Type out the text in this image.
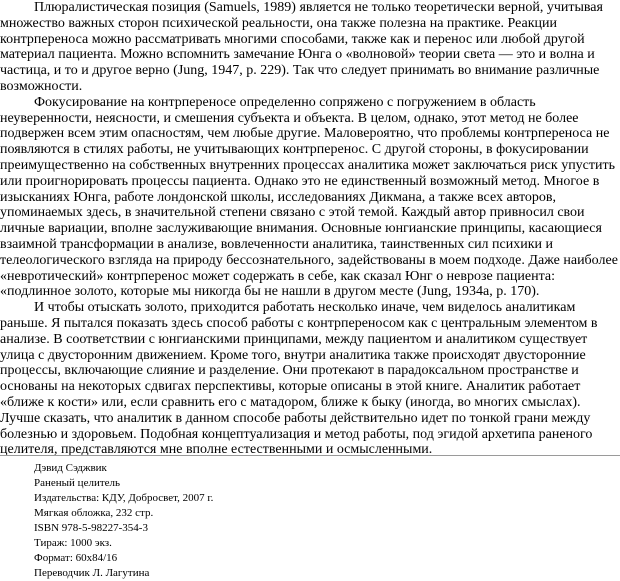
Плюралистическая позиция (Samuels, 1989) является не только теоретически верной, учитывая множество важных сторон психической реальности, она также полезна на практике. Реакции контрпереноса можно рассматривать многими способами, также как и перенос или любой другой материал пациента. Можно вспомнить замечание Юнга о «волновой» теории света — это и волна и частица, и то и другое верно (Jung, 1947, p. 229). Так что следует принимать во внимание различные возможности.

Фокусирование на контрпереносе определенно сопряжено с погружением в область неуверенности, неясности, и смешения субъекта и объекта. В целом, однако, этот метод не более подвержен всем этим опасностям, чем любые другие. Маловероятно, что проблемы контрпереноса не появляются в стилях работы, не учитывающих контрперенос. С другой стороны, в фокусировании преимущественно на собственных внутренних процессах аналитика может заключаться риск упустить или проигнорировать процессы пациента. Однако это не единственный возможный метод. Многое в изысканиях Юнга, работе лондонской школы, исследованиях Дикмана, а также всех авторов, упоминаемых здесь, в значительной степени связано с этой темой. Каждый автор привносил свои личные вариации, вполне заслуживающие внимания. Основные юнгианские принципы, касающиеся взаимной трансформации в анализе, вовлеченности аналитика, таинственных сил психики и телеологического взгляда на природу бессознательного, задействованы в моем подходе. Даже наиболее «невротический» контрперенос может содержать в себе, как сказал Юнг о неврозе пациента: «подлинное золото, которые мы никогда бы не нашли в другом месте (Jung, 1934a, p. 170).

И чтобы отыскать золото, приходится работать несколько иначе, чем виделось аналитикам раньше. Я пытался показать здесь способ работы с контрпереносом как с центральным элементом в анализе. В соответствии с юнгианскими принципами, между пациентом и аналитиком существует улица с двусторонним движением. Кроме того, внутри аналитика также происходят двусторонние процессы, включающие слияние и разделение. Они протекают в парадоксальном пространстве и основаны на некоторых сдвигах перспективы, которые описаны в этой книге. Аналитик работает «ближе к кости» или, если сравнить его с матадором, ближе к быку (иногда, во многих смыслах). Лучше сказать, что аналитик в данном способе работы действительно идет по тонкой грани между болезнью и здоровьем. Подобная концептуализация и метод работы, под эгидой архетипа раненого целителя, представляются мне вполне естественными и осмысленными.

Дэвид Сэджвик

Раненый целитель

Издательства: КДУ, Добросвет, 2007 г.

Мягкая обложка, 232 стр.

ISBN 978-5-98227-354-3

Тираж: 1000 экз.

Формат: 60x84/16

Переводчик Л. Лагутина
